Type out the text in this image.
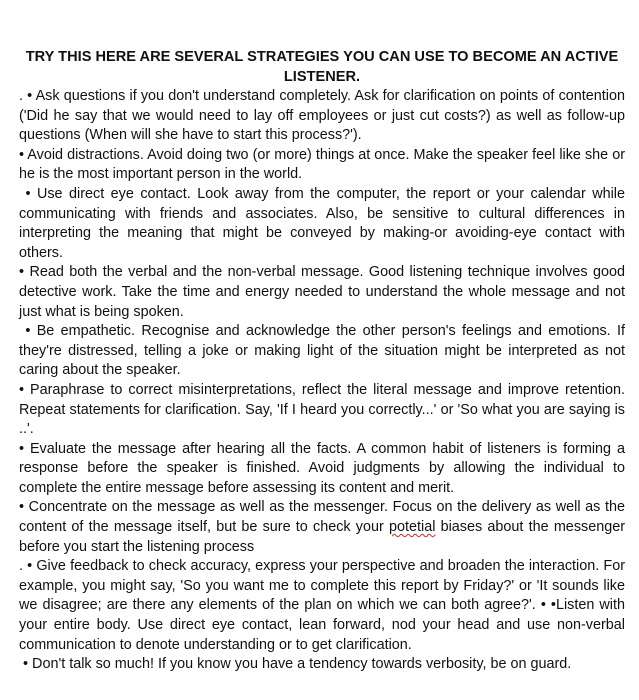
TRY THIS HERE ARE SEVERAL STRATEGIES YOU CAN USE TO BECOME AN ACTIVE LISTENER.

. • Ask questions if you don't understand completely. Ask for clarification on points of contention ('Did he say that we would need to lay off employees or just cut costs?) as well as follow-up questions (When will she have to start this process?').

• Avoid distractions. Avoid doing two (or more) things at once. Make the speaker feel like she or he is the most important person in the world.

• Use direct eye contact. Look away from the computer, the report or your calendar while communicating with friends and associates. Also, be sensitive to cultural differences in interpreting the meaning that might be conveyed by making-or avoiding-eye contact with others.

• Read both the verbal and the non-verbal message. Good listening technique involves good detective work. Take the time and energy needed to understand the whole message and not just what is being spoken.

• Be empathetic. Recognise and acknowledge the other person's feelings and emotions. If they're distressed, telling a joke or making light of the situation might be interpreted as not caring about the speaker.

• Paraphrase to correct misinterpretations, reflect the literal message and improve retention. Repeat statements for clarification. Say, 'If I heard you correctly...' or 'So what you are saying is ..'.

• Evaluate the message after hearing all the facts. A common habit of listeners is forming a response before the speaker is finished. Avoid judgments by allowing the individual to complete the entire message before assessing its content and merit.

• Concentrate on the message as well as the messenger. Focus on the delivery as well as the content of the message itself, but be sure to check your potetial biases about the messenger before you start the listening process

. • Give feedback to check accuracy, express your perspective and broaden the interaction. For example, you might say, 'So you want me to complete this report by Friday?' or 'It sounds like we disagree; are there any elements of the plan on which we can both agree?'. • •Listen with your entire body. Use direct eye contact, lean forward, nod your head and use non-verbal communication to denote understanding or to get clarification.

• Don't talk so much! If you know you have a tendency towards verbosity, be on guard.
